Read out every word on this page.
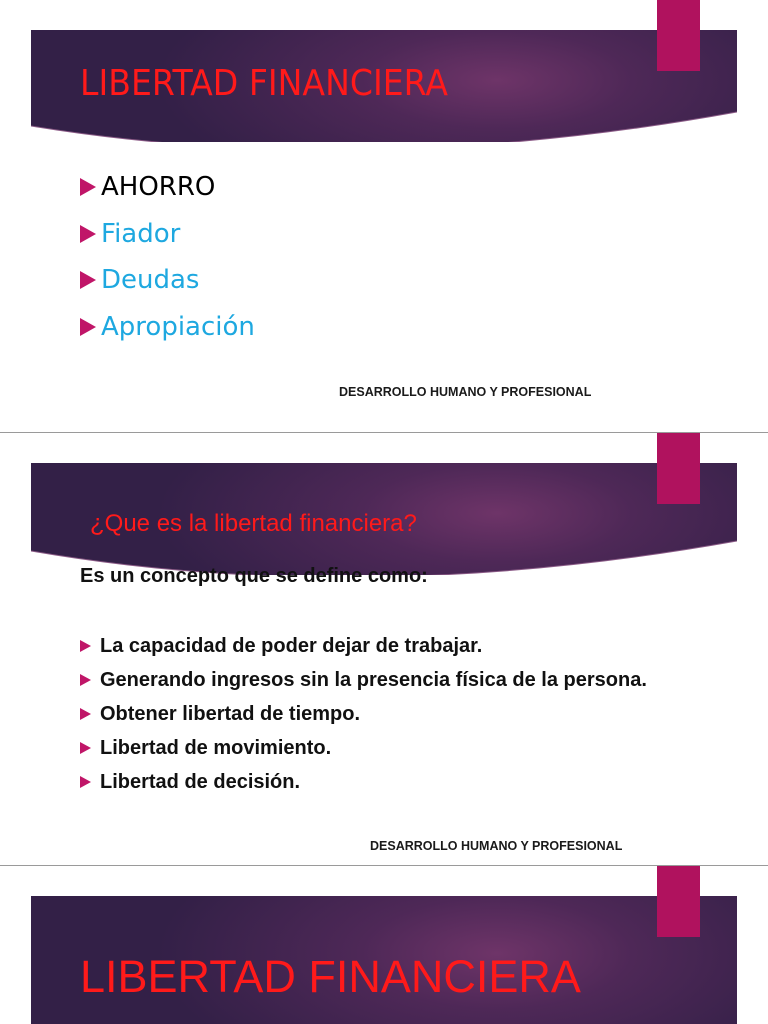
LIBERTAD FINANCIERA
AHORRO
Fiador
Deudas
Apropiación
DESARROLLO HUMANO Y PROFESIONAL
¿Que es la libertad financiera?
Es un concepto que se define como:
La capacidad de poder dejar de trabajar.
Generando ingresos sin la presencia física de la persona.
Obtener libertad de tiempo.
Libertad de movimiento.
Libertad de decisión.
DESARROLLO HUMANO Y PROFESIONAL
LIBERTAD FINANCIERA
